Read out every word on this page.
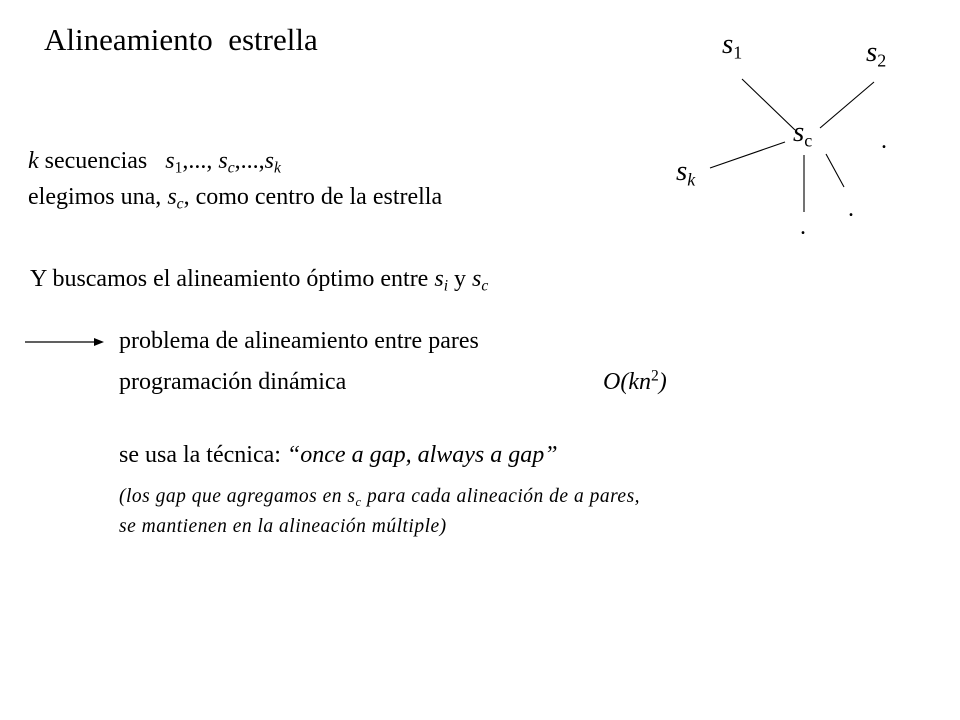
Alineamiento estrella
k secuencias $s_1$,..., $s_c,...,s_k$
elegimos una, $s_c$, como centro de la estrella
Y buscamos el alineamiento óptimo entre $s_i$ y $s_c$
problema de alineamiento entre pares
programación dinámica	$O(kn^2)$
se usa la técnica: “once a gap, always a gap”
(los gap que agregamos en $s_c$ para cada alineación de a pares,
se mantienen en la alineación múltiple)
$s_1$	$s_2$
$s_c$
$s_k$
.
.
.
